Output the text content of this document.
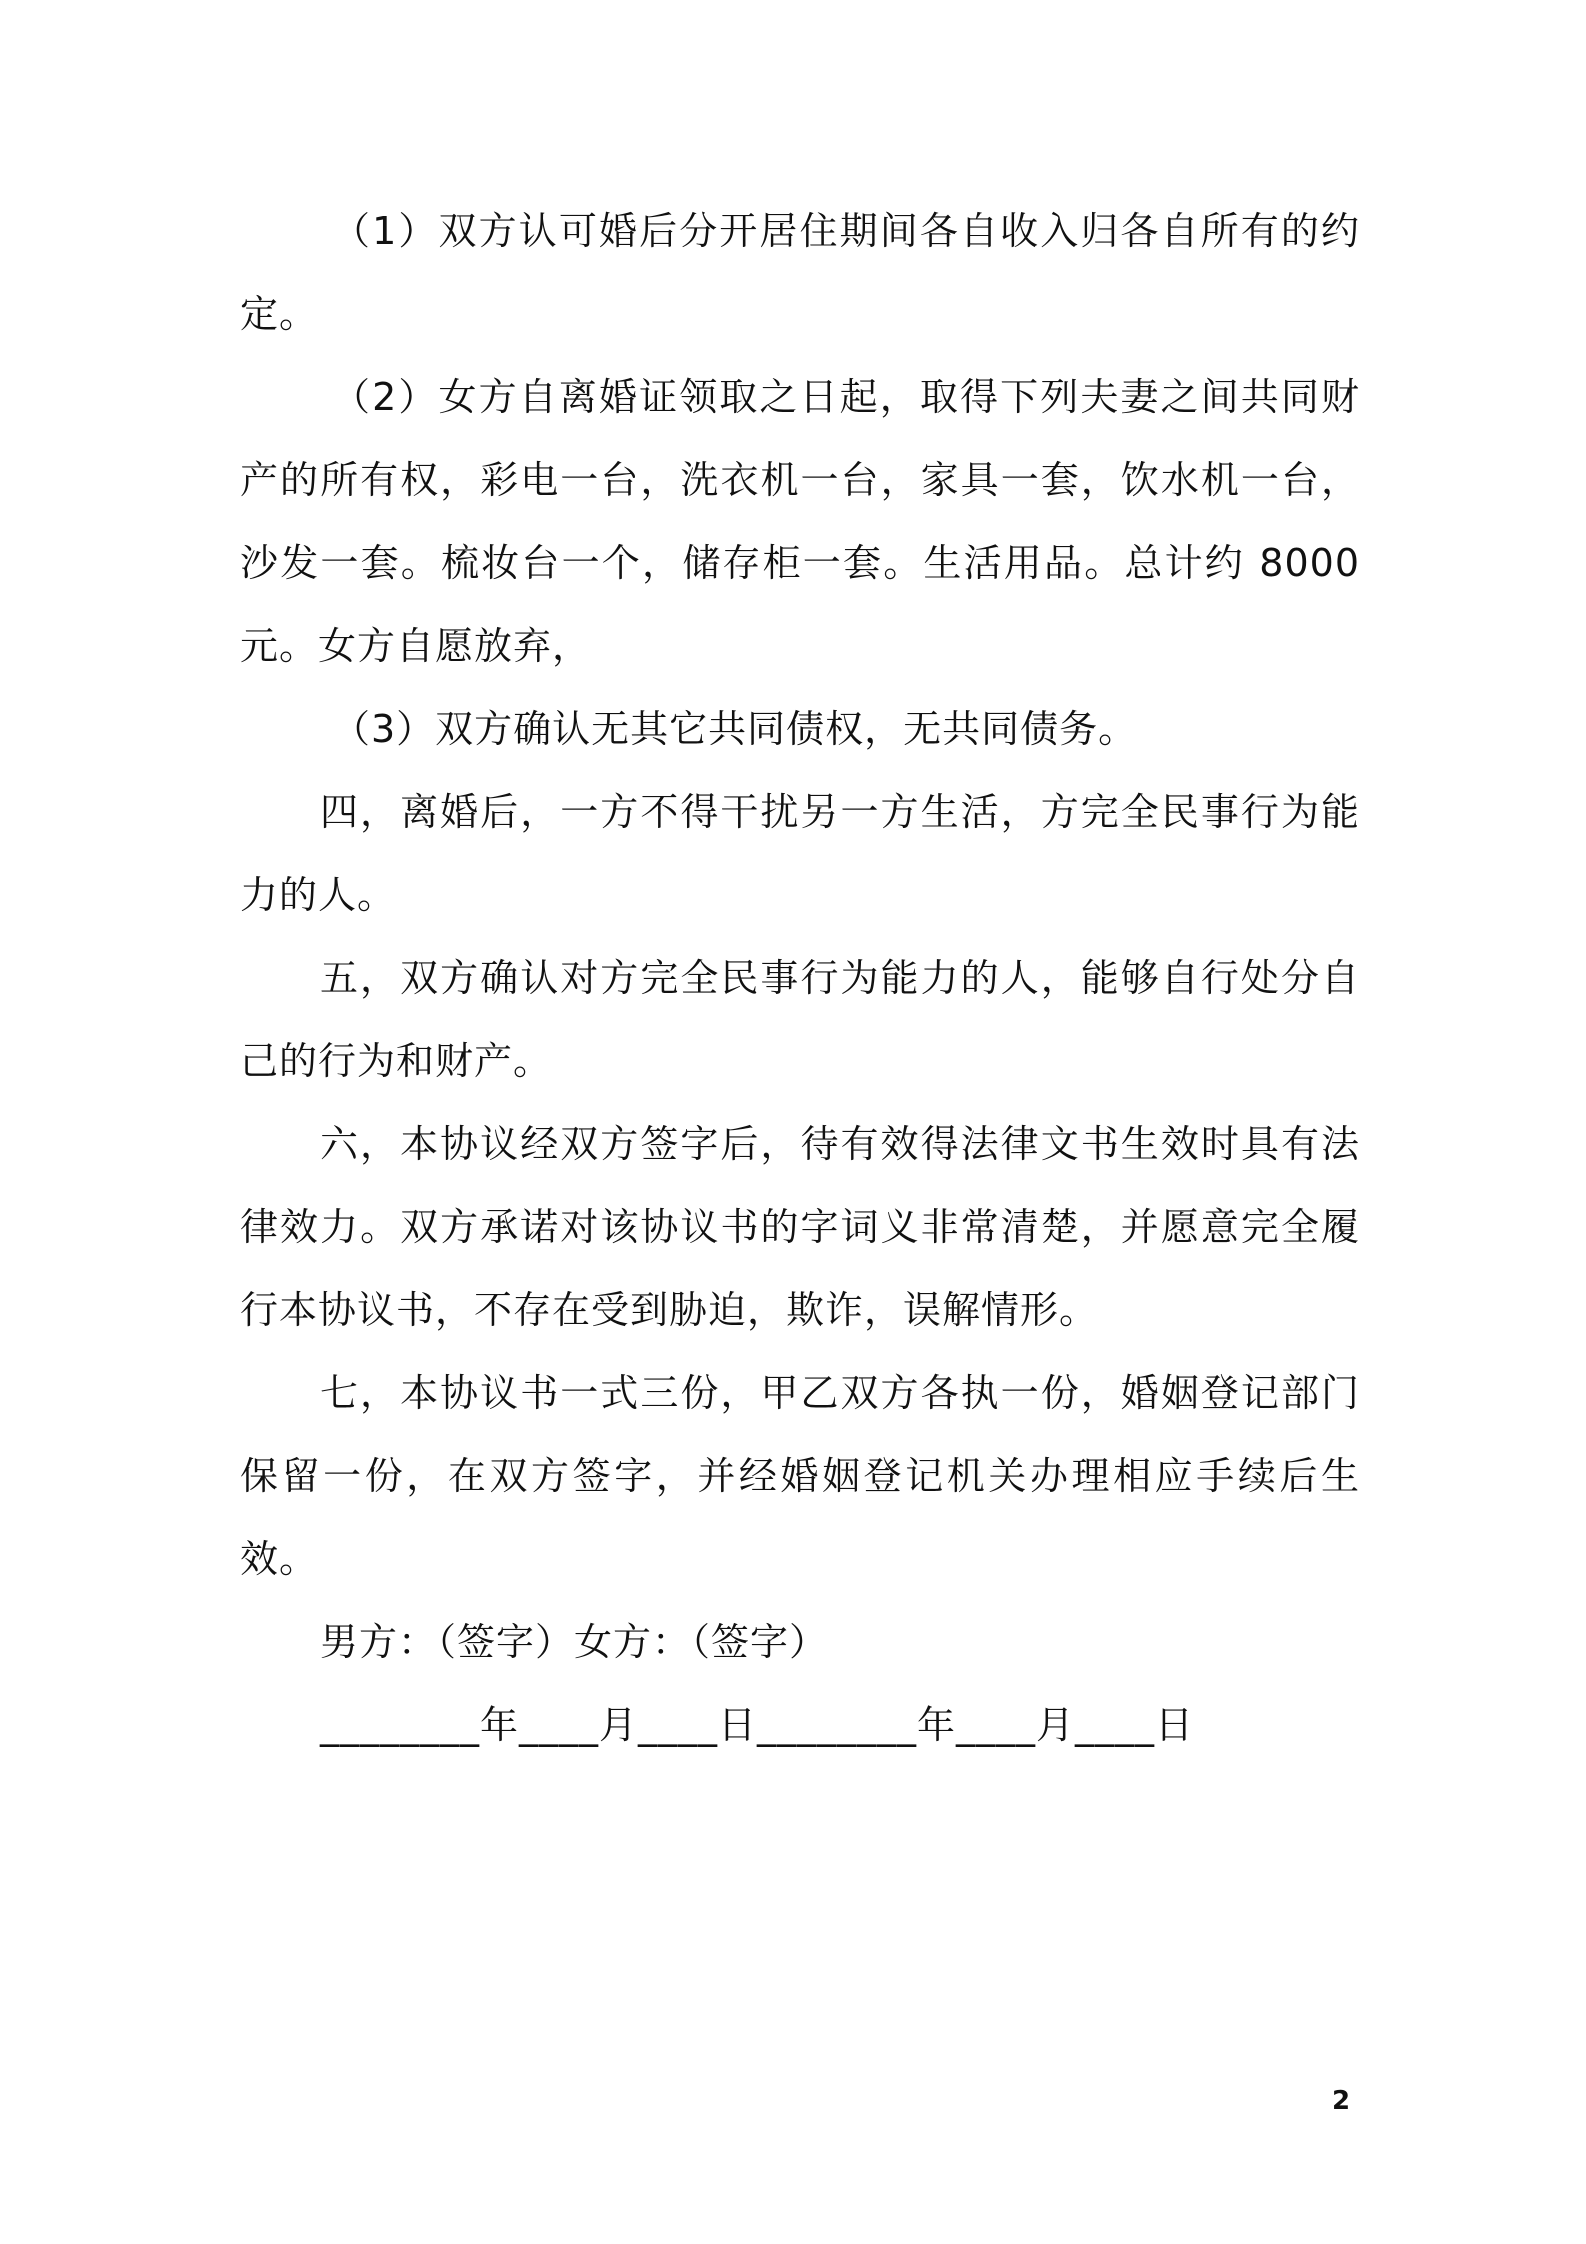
（1）双方认可婚后分开居住期间各自收入归各自所有的约定。

（2）女方自离婚证领取之日起，取得下列夫妻之间共同财产的所有权，彩电一台，洗衣机一台，家具一套，饮水机一台，沙发一套。梳妆台一个，储存柜一套。生活用品。总计约 8000 元。女方自愿放弃，

（3）双方确认无其它共同债权，无共同债务。

四，离婚后，一方不得干扰另一方生活，方完全民事行为能力的人。

五，双方确认对方完全民事行为能力的人，能够自行处分自己的行为和财产。

六，本协议经双方签字后，待有效得法律文书生效时具有法律效力。双方承诺对该协议书的字词义非常清楚，并愿意完全履行本协议书，不存在受到胁迫，欺诈，误解情形。

七，本协议书一式三份，甲乙双方各执一份，婚姻登记部门保留一份，在双方签字，并经婚姻登记机关办理相应手续后生效。

男方：（签字）女方：（签字）

________年____月____日________年____月____日

2
